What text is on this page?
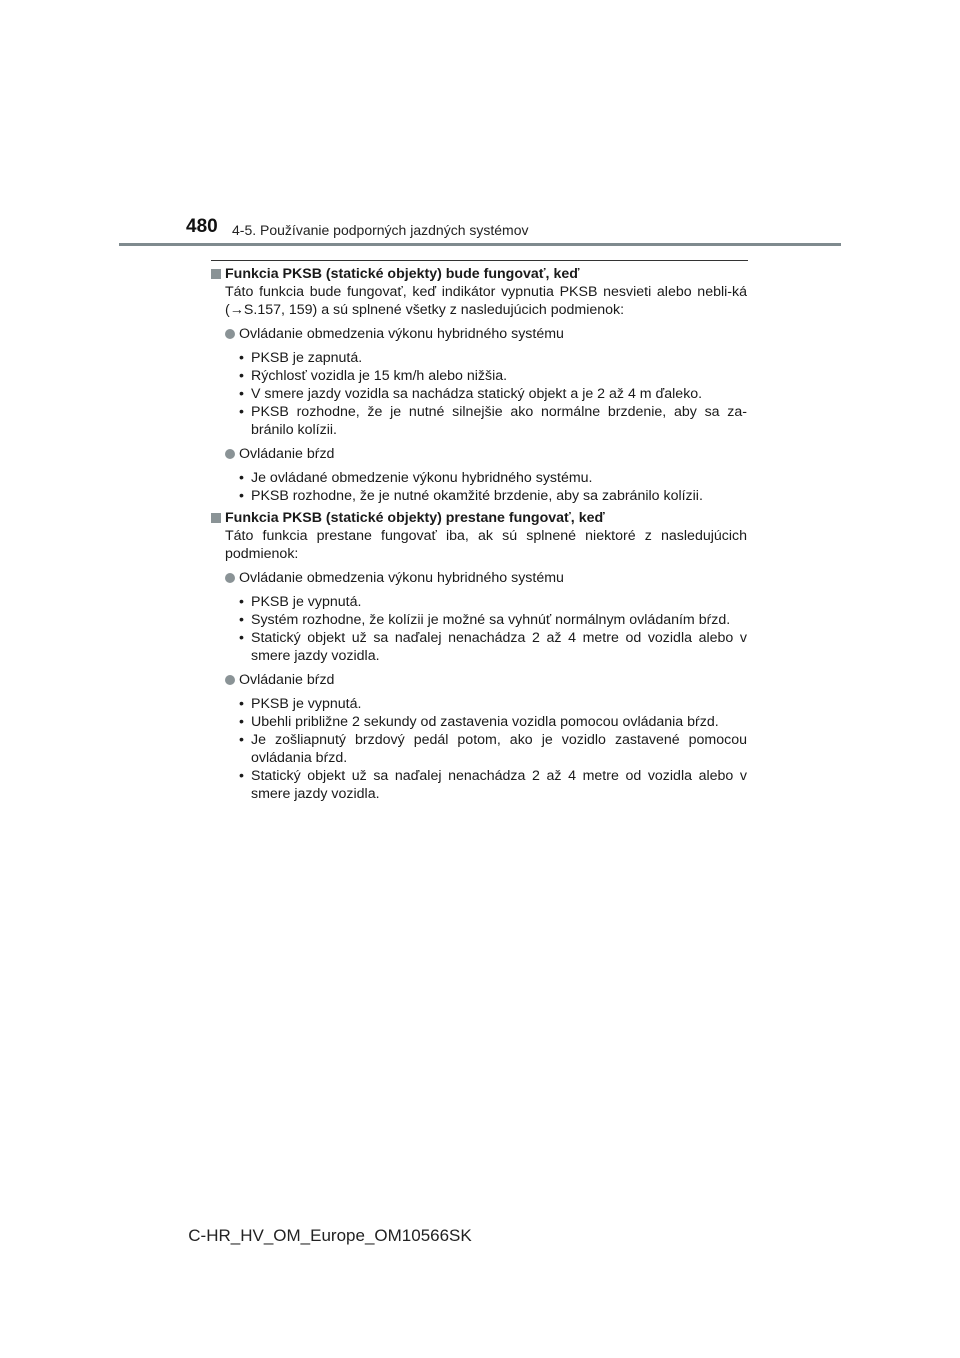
480 4-5. Používanie podporných jazdných systémov
Funkcia PKSB (statické objekty) bude fungovať, keď
Táto funkcia bude fungovať, keď indikátor vypnutia PKSB nesvieti alebo nebli-ká (→S.157, 159) a sú splnené všetky z nasledujúcich podmienok:
Ovládanie obmedzenia výkonu hybridného systému
• PKSB je zapnutá.
• Rýchlosť vozidla je 15 km/h alebo nižšia.
• V smere jazdy vozidla sa nachádza statický objekt a je 2 až 4 m ďaleko.
• PKSB rozhodne, že je nutné silnejšie ako normálne brzdenie, aby sa za-bránilo kolízii.
Ovládanie bŕzd
• Je ovládané obmedzenie výkonu hybridného systému.
• PKSB rozhodne, že je nutné okamžité brzdenie, aby sa zabránilo kolízii.
Funkcia PKSB (statické objekty) prestane fungovať, keď
Táto funkcia prestane fungovať iba, ak sú splnené niektoré z nasledujúcich podmienok:
Ovládanie obmedzenia výkonu hybridného systému
• PKSB je vypnutá.
• Systém rozhodne, že kolízii je možné sa vyhnúť normálnym ovládaním bŕzd.
• Statický objekt už sa naďalej nenachádza 2 až 4 metre od vozidla alebo v smere jazdy vozidla.
Ovládanie bŕzd
• PKSB je vypnutá.
• Ubehli približne 2 sekundy od zastavenia vozidla pomocou ovládania bŕzd.
• Je zošliapnutý brzdový pedál potom, ako je vozidlo zastavené pomocou ovládania bŕzd.
• Statický objekt už sa naďalej nenachádza 2 až 4 metre od vozidla alebo v smere jazdy vozidla.
C-HR_HV_OM_Europe_OM10566SK
